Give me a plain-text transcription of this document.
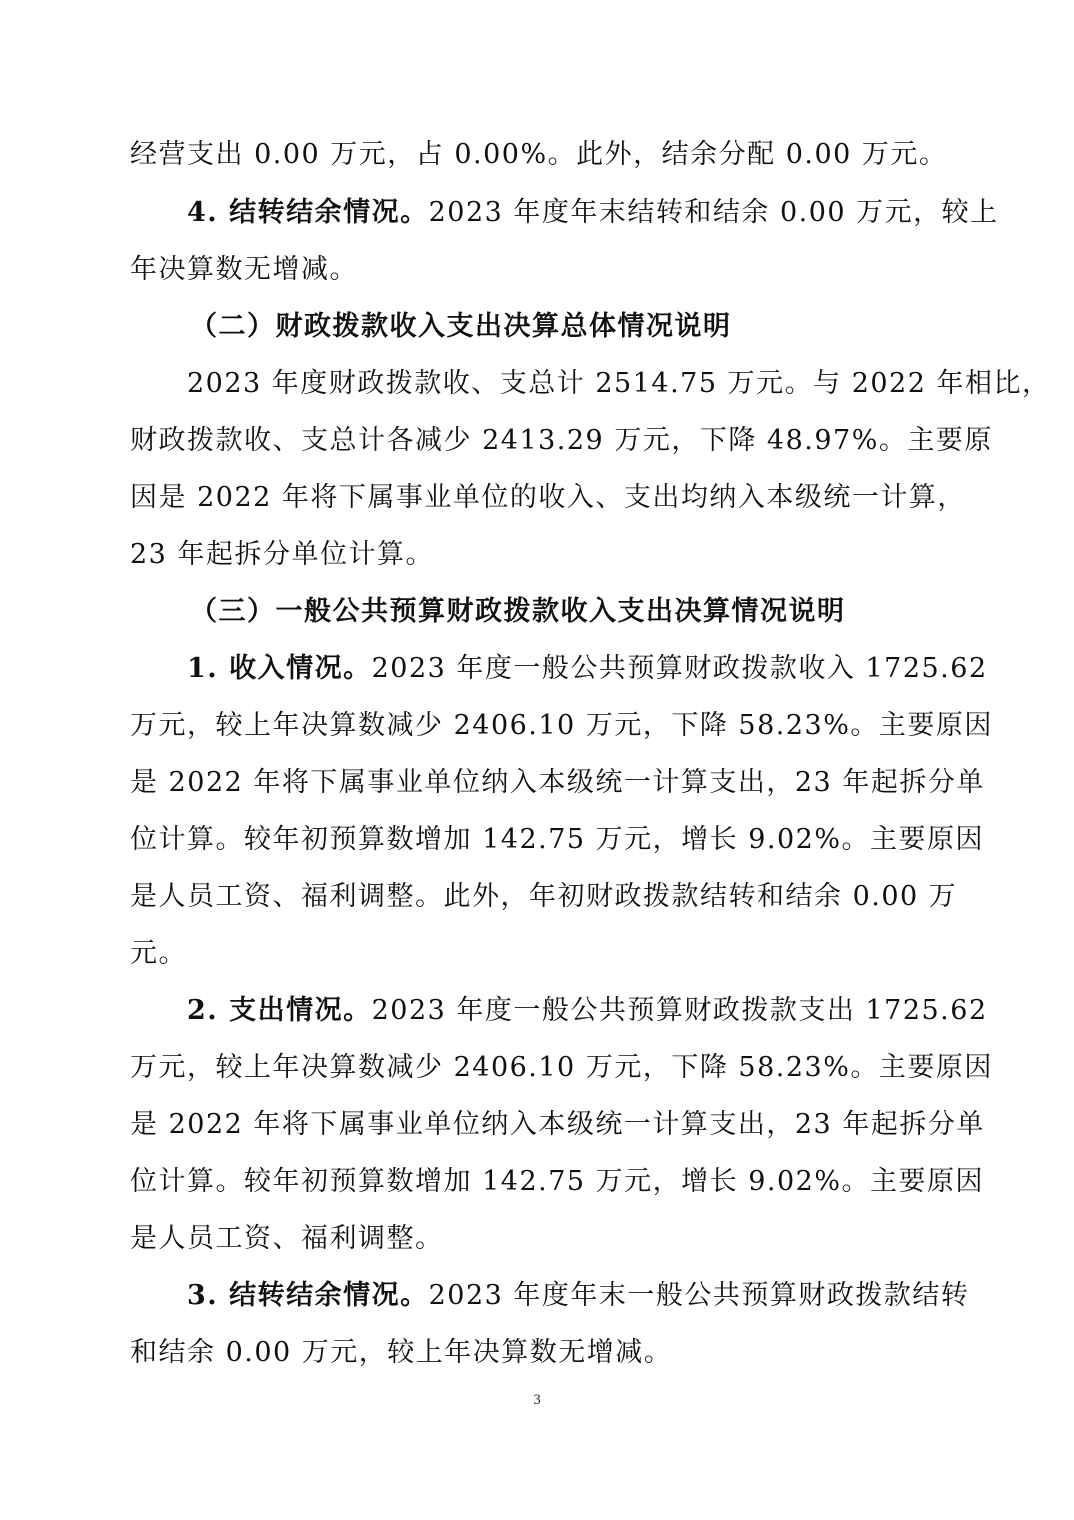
经营支出 0.00 万元，占 0.00%。此外，结余分配 0.00 万元。
4. 结转结余情况。2023 年度年末结转和结余 0.00 万元，较上
年决算数无增减。
（二）财政拨款收入支出决算总体情况说明
2023 年度财政拨款收、支总计 2514.75 万元。与 2022 年相比，
财政拨款收、支总计各减少 2413.29 万元，下降 48.97%。主要原
因是 2022 年将下属事业单位的收入、支出均纳入本级统一计算，
23 年起拆分单位计算。
（三）一般公共预算财政拨款收入支出决算情况说明
1. 收入情况。2023 年度一般公共预算财政拨款收入 1725.62
万元，较上年决算数减少 2406.10 万元，下降 58.23%。主要原因
是 2022 年将下属事业单位纳入本级统一计算支出，23 年起拆分单
位计算。较年初预算数增加 142.75 万元，增长 9.02%。主要原因
是人员工资、福利调整。此外，年初财政拨款结转和结余 0.00 万
元。
2. 支出情况。2023 年度一般公共预算财政拨款支出 1725.62
万元，较上年决算数减少 2406.10 万元，下降 58.23%。主要原因
是 2022 年将下属事业单位纳入本级统一计算支出，23 年起拆分单
位计算。较年初预算数增加 142.75 万元，增长 9.02%。主要原因
是人员工资、福利调整。
3. 结转结余情况。2023 年度年末一般公共预算财政拨款结转
和结余 0.00 万元，较上年决算数无增减。
3
